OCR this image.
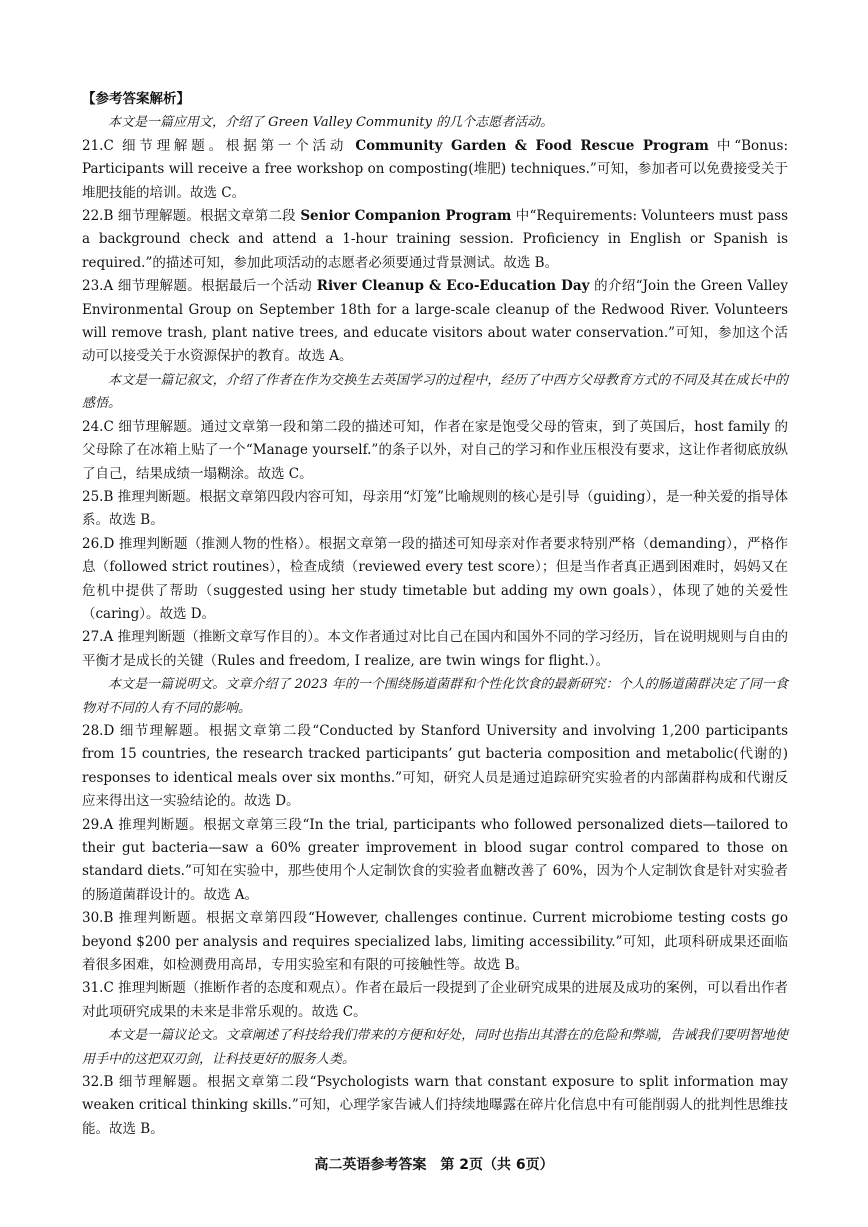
【参考答案解析】

本文是一篇应用文，介绍了 Green Valley Community 的几个志愿者活动。

21.C 细节理解题。根据第一个活动 Community Garden & Food Rescue Program 中“Bonus: Participants will receive a free workshop on composting(堆肥) techniques.”可知，参加者可以免费接受关于堆肥技能的培训。故选 C。

22.B 细节理解题。根据文章第二段 Senior Companion Program 中“Requirements: Volunteers must pass a background check and attend a 1-hour training session. Proficiency in English or Spanish is required.”的描述可知，参加此项活动的志愿者必须要通过背景测试。故选 B。

23.A 细节理解题。根据最后一个活动 River Cleanup & Eco-Education Day 的介绍“Join the Green Valley Environmental Group on September 18th for a large-scale cleanup of the Redwood River. Volunteers will remove trash, plant native trees, and educate visitors about water conservation.”可知，参加这个活动可以接受关于水资源保护的教育。故选 A。

本文是一篇记叙文，介绍了作者在作为交换生去英国学习的过程中，经历了中西方父母教育方式的不同及其在成长中的感悟。

24.C 细节理解题。通过文章第一段和第二段的描述可知，作者在家是饱受父母的管束，到了英国后，host family 的父母除了在冰箱上贴了一个“Manage yourself.”的条子以外，对自己的学习和作业压根没有要求，这让作者彻底放纵了自己，结果成绩一塌糊涂。故选 C。

25.B 推理判断题。根据文章第四段内容可知，母亲用“灯笼”比喻规则的核心是引导（guiding），是一种关爱的指导体系。故选 B。

26.D 推理判断题（推测人物的性格）。根据文章第一段的描述可知母亲对作者要求特别严格（demanding），严格作息（followed strict routines），检查成绩（reviewed every test score）；但是当作者真正遇到困难时，妈妈又在危机中提供了帮助（suggested using her study timetable but adding my own goals），体现了她的关爱性（caring）。故选 D。

27.A 推理判断题（推断文章写作目的）。本文作者通过对比自己在国内和国外不同的学习经历，旨在说明规则与自由的平衡才是成长的关键（Rules and freedom, I realize, are twin wings for flight.）。

本文是一篇说明文。文章介绍了 2023 年的一个围绕肠道菌群和个性化饮食的最新研究：个人的肠道菌群决定了同一食物对不同的人有不同的影响。

28.D 细节理解题。根据文章第二段“Conducted by Stanford University and involving 1,200 participants from 15 countries, the research tracked participants’ gut bacteria composition and metabolic(代谢的) responses to identical meals over six months.”可知，研究人员是通过追踪研究实验者的内部菌群构成和代谢反应来得出这一实验结论的。故选 D。

29.A 推理判断题。根据文章第三段“In the trial, participants who followed personalized diets—tailored to their gut bacteria—saw a 60% greater improvement in blood sugar control compared to those on standard diets.”可知在实验中，那些使用个人定制饮食的实验者血糖改善了 60%，因为个人定制饮食是针对实验者的肠道菌群设计的。故选 A。

30.B 推理判断题。根据文章第四段“However, challenges continue. Current microbiome testing costs go beyond $200 per analysis and requires specialized labs, limiting accessibility.”可知，此项科研成果还面临着很多困难，如检测费用高昂，专用实验室和有限的可接触性等。故选 B。

31.C 推理判断题（推断作者的态度和观点）。作者在最后一段提到了企业研究成果的进展及成功的案例，可以看出作者对此项研究成果的未来是非常乐观的。故选 C。

本文是一篇议论文。文章阐述了科技给我们带来的方便和好处，同时也指出其潜在的危险和弊端，告诫我们要明智地使用手中的这把双刃剑，让科技更好的服务人类。

32.B 细节理解题。根据文章第二段“Psychologists warn that constant exposure to split information may weaken critical thinking skills.”可知，心理学家告诫人们持续地曝露在碎片化信息中有可能削弱人的批判性思维技能。故选 B。

高二英语参考答案　第 2页（共 6页）
